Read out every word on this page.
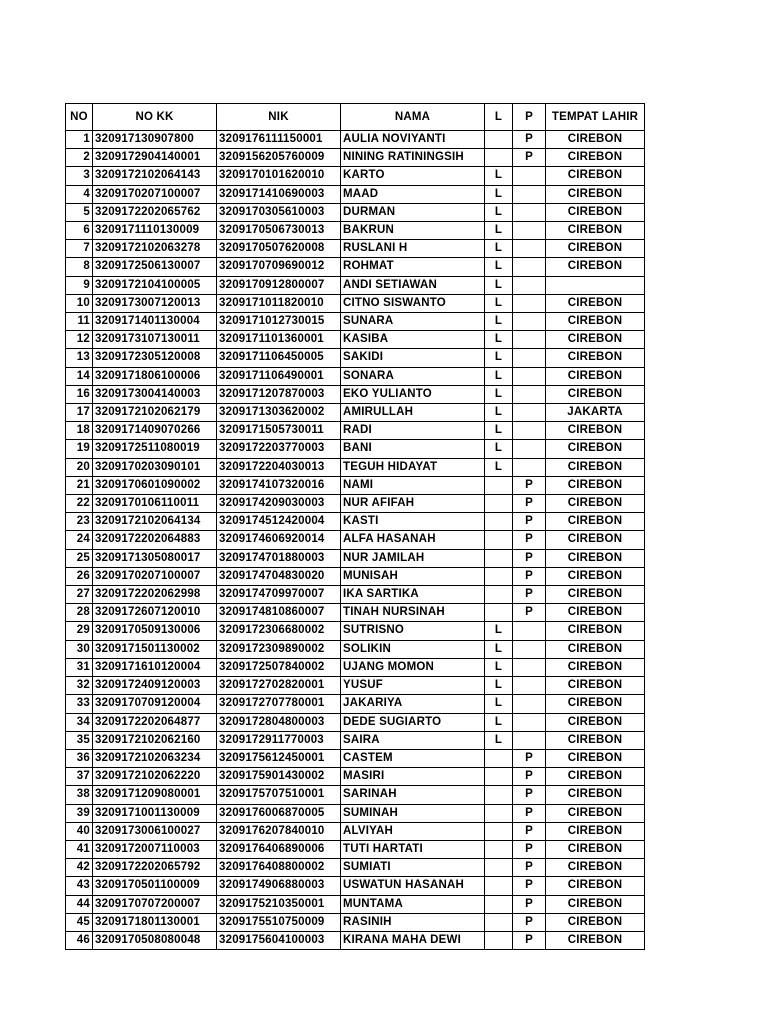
NO	NO KK	NIK	NAMA	L	P	TEMPAT LAHIR
1	320917130907800	3209176111150001	AULIA NOVIYANTI		P	CIREBON
2	3209172904140001	3209156205760009	NINING RATININGSIH		P	CIREBON
3	3209172102064143	3209170101620010	KARTO	L		CIREBON
4	3209170207100007	3209171410690003	MAAD	L		CIREBON
5	3209172202065762	3209170305610003	DURMAN	L		CIREBON
6	3209171110130009	3209170506730013	BAKRUN	L		CIREBON
7	3209172102063278	3209170507620008	RUSLANI H	L		CIREBON
8	3209172506130007	3209170709690012	ROHMAT	L		CIREBON
9	3209172104100005	3209170912800007	ANDI SETIAWAN	L		
10	3209173007120013	3209171011820010	CITNO SISWANTO	L		CIREBON
11	3209171401130004	3209171012730015	SUNARA	L		CIREBON
12	3209173107130011	3209171101360001	KASIBA	L		CIREBON
13	3209172305120008	3209171106450005	SAKIDI	L		CIREBON
14	3209171806100006	3209171106490001	SONARA	L		CIREBON
16	3209173004140003	3209171207870003	EKO YULIANTO	L		CIREBON
17	3209172102062179	3209171303620002	AMIRULLAH	L		JAKARTA
18	3209171409070266	3209171505730011	RADI	L		CIREBON
19	3209172511080019	3209172203770003	BANI	L		CIREBON
20	3209170203090101	3209172204030013	TEGUH HIDAYAT	L		CIREBON
21	3209170601090002	3209174107320016	NAMI		P	CIREBON
22	3209170106110011	3209174209030003	NUR AFIFAH		P	CIREBON
23	3209172102064134	3209174512420004	KASTI		P	CIREBON
24	3209172202064883	3209174606920014	ALFA HASANAH		P	CIREBON
25	3209171305080017	3209174701880003	NUR JAMILAH		P	CIREBON
26	3209170207100007	3209174704830020	MUNISAH		P	CIREBON
27	3209172202062998	3209174709970007	IKA SARTIKA		P	CIREBON
28	3209172607120010	3209174810860007	TINAH NURSINAH		P	CIREBON
29	3209170509130006	3209172306680002	SUTRISNO	L		CIREBON
30	3209171501130002	3209172309890002	SOLIKIN	L		CIREBON
31	3209171610120004	3209172507840002	UJANG MOMON	L		CIREBON
32	3209172409120003	3209172702820001	YUSUF	L		CIREBON
33	3209170709120004	3209172707780001	JAKARIYA	L		CIREBON
34	3209172202064877	3209172804800003	DEDE SUGIARTO	L		CIREBON
35	3209172102062160	3209172911770003	SAIRA	L		CIREBON
36	3209172102063234	3209175612450001	CASTEM		P	CIREBON
37	3209172102062220	3209175901430002	MASIRI		P	CIREBON
38	3209171209080001	3209175707510001	SARINAH		P	CIREBON
39	3209171001130009	3209176006870005	SUMINAH		P	CIREBON
40	3209173006100027	3209176207840010	ALVIYAH		P	CIREBON
41	3209172007110003	3209176406890006	TUTI HARTATI		P	CIREBON
42	3209172202065792	3209176408800002	SUMIATI		P	CIREBON
43	3209170501100009	3209174906880003	USWATUN HASANAH		P	CIREBON
44	3209170707200007	3209175210350001	MUNTAMA		P	CIREBON
45	3209171801130001	3209175510750009	RASINIH		P	CIREBON
46	3209170508080048	3209175604100003	KIRANA MAHA DEWI		P	CIREBON
